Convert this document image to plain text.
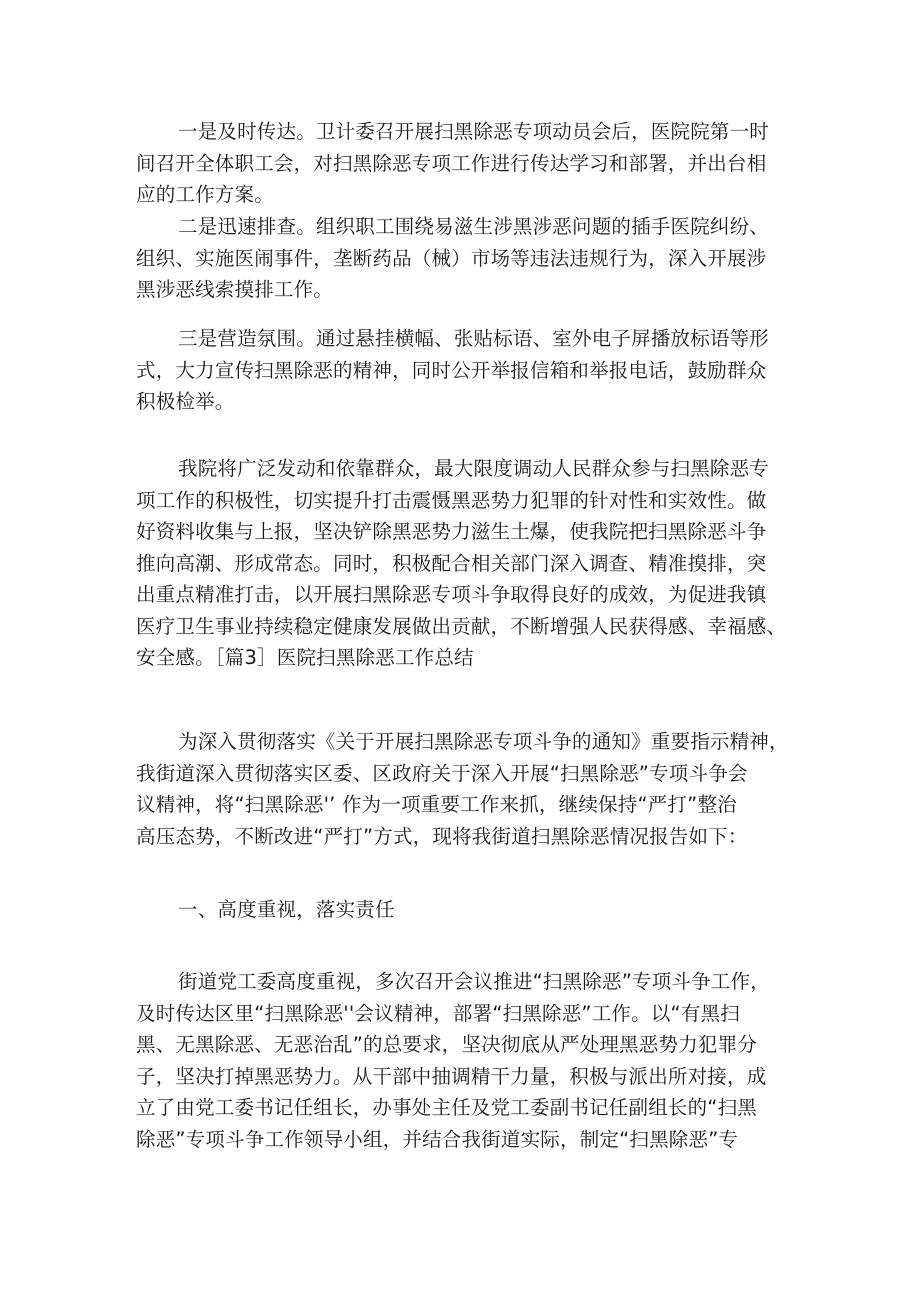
一是及时传达。卫计委召开展扫黑除恶专项动员会后，医院院第一时
间召开全体职工会，对扫黑除恶专项工作进行传达学习和部署，并出台相
应的工作方案。
二是迅速排查。组织职工围绕易滋生涉黑涉恶问题的插手医院纠纷、
组织、实施医闹事件，垄断药品（械）市场等违法违规行为，深入开展涉
黑涉恶线索摸排工作。
三是营造氛围。通过悬挂横幅、张贴标语、室外电子屏播放标语等形
式，大力宣传扫黑除恶的精神，同时公开举报信箱和举报电话，鼓励群众
积极检举。
我院将广泛发动和依靠群众，最大限度调动人民群众参与扫黑除恶专
项工作的积极性，切实提升打击震慑黑恶势力犯罪的针对性和实效性。做
好资料收集与上报，坚决铲除黑恶势力滋生土爆，使我院把扫黑除恶斗争
推向高潮、形成常态。同时，积极配合相关部门深入调查、精准摸排，突
出重点精准打击，以开展扫黑除恶专项斗争取得良好的成效，为促进我镇
医疗卫生事业持续稳定健康发展做出贡献，不断增强人民获得感、幸福感、
安全感。［篇3］医院扫黑除恶工作总结
为深入贯彻落实《关于开展扫黑除恶专项斗争的通知》重要指示精神，
我街道深入贯彻落实区委、区政府关于深入开展“扫黑除恶”专项斗争会
议精神，将“扫黑除恶'’ 作为一项重要工作来抓，继续保持“严打”整治
高压态势，不断改进“严打”方式，现将我街道扫黑除恶情况报告如下：
一、高度重视，落实责任
街道党工委高度重视，多次召开会议推进“扫黑除恶”专项斗争工作，
及时传达区里“扫黑除恶''会议精神，部署“扫黑除恶”工作。以“有黑扫
黑、无黑除恶、无恶治乱”的总要求，坚决彻底从严处理黑恶势力犯罪分
子，坚决打掉黑恶势力。从干部中抽调精干力量，积极与派出所对接，成
立了由党工委书记任组长，办事处主任及党工委副书记任副组长的“扫黑
除恶”专项斗争工作领导小组，并结合我街道实际，制定“扫黑除恶”专
